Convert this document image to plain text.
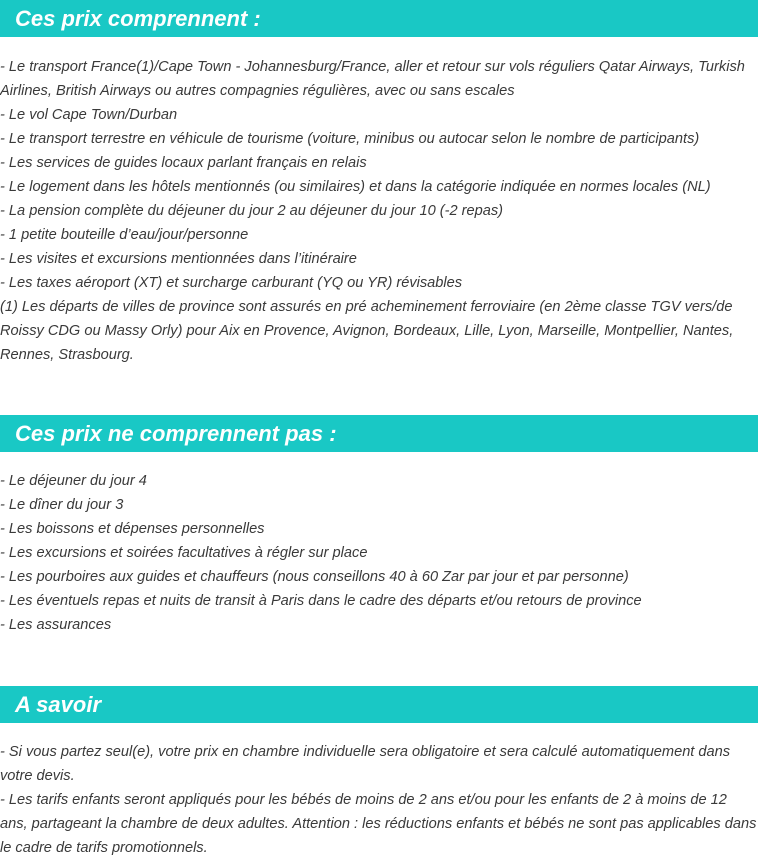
Ces prix comprennent :

- Le transport France(1)/Cape Town - Johannesburg/France, aller et retour sur vols réguliers Qatar Airways, Turkish Airlines, British Airways ou autres compagnies régulières, avec ou sans escales

- Le vol Cape Town/Durban

- Le transport terrestre en véhicule de tourisme (voiture, minibus ou autocar selon le nombre de participants)

- Les services de guides locaux parlant français en relais

- Le logement dans les hôtels mentionnés (ou similaires) et dans la catégorie indiquée en normes locales (NL)

- La pension complète du déjeuner du jour 2 au déjeuner du jour 10 (-2 repas)

- 1 petite bouteille d’eau/jour/personne

- Les visites et excursions mentionnées dans l’itinéraire

- Les taxes aéroport (XT) et surcharge carburant (YQ ou YR) révisables

(1) Les départs de villes de province sont assurés en pré acheminement ferroviaire (en 2ème classe TGV vers/de Roissy CDG ou Massy Orly) pour Aix en Provence, Avignon, Bordeaux, Lille, Lyon, Marseille, Montpellier, Nantes, Rennes, Strasbourg.

Ces prix ne comprennent pas :

- Le déjeuner du jour 4

- Le dîner du jour 3

- Les boissons et dépenses personnelles

- Les excursions et soirées facultatives à régler sur place

- Les pourboires aux guides et chauffeurs (nous conseillons 40 à 60 Zar par jour et par personne)

- Les éventuels repas et nuits de transit à Paris dans le cadre des départs et/ou retours de province

- Les assurances

A savoir

- Si vous partez seul(e), votre prix en chambre individuelle sera obligatoire et sera calculé automatiquement dans votre devis.

- Les tarifs enfants seront appliqués pour les bébés de moins de 2 ans et/ou pour les enfants de 2 à moins de 12 ans, partageant la chambre de deux adultes. Attention : les réductions enfants et bébés ne sont pas applicables dans le cadre de tarifs promotionnels.
